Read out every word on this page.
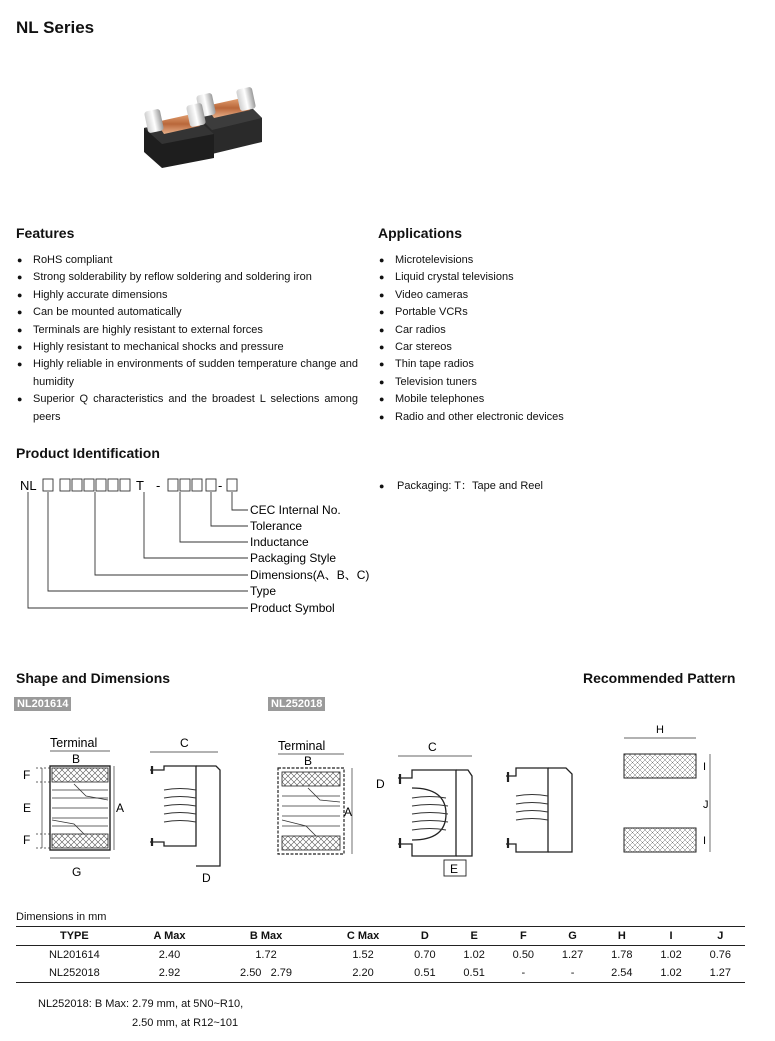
NL Series
Features
● RoHS compliant
● Strong solderability by reflow soldering and soldering iron
● Highly accurate dimensions
● Can be mounted automatically
● Terminals are highly resistant to external forces
● Highly resistant to mechanical shocks and pressure
● Highly reliable in environments of sudden temperature change and humidity
● Superior Q characteristics and the broadest L selections among peers
Applications
● Microtelevisions
● Liquid crystal televisions
● Video cameras
● Portable VCRs
● Car radios
● Car stereos
● Thin tape radios
● Television tuners
● Mobile telephones
● Radio and other electronic devices
Product Identification
NL	T -	-
CEC Internal No.
Tolerance
Inductance
Packaging Style
Dimensions(A、B、C)
Type
Product Symbol
● Packaging: T：Tape and Reel
Shape and Dimensions	Recommended Pattern
NL201614	NL252018
Terminal
B
F
E
F
A
G
C
D
Terminal
B
A
C
D
E
H
I
J
I
Dimensions in mm
TYPE	A Max	B Max	C Max	D	E	F	G	H	I	J
NL201614	2.40	1.72	1.52	0.70	1.02	0.50	1.27	1.78	1.02	0.76
NL252018	2.92	2.50   2.79	2.20	0.51	0.51	-	-	2.54	1.02	1.27
NL252018: B Max: 2.79 mm, at 5N0~R10,
2.50 mm, at R12~101
